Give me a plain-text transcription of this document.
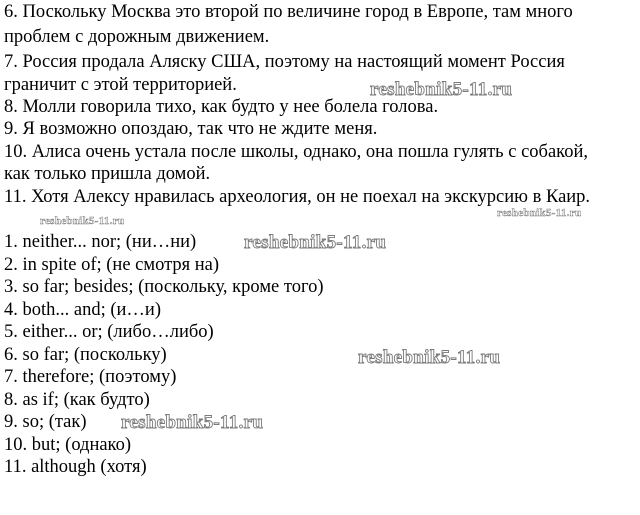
6. Поскольку Москва это второй по величине город в Европе, там много
проблем с дорожным движением.
7. Россия продала Аляску США, поэтому на настоящий момент Россия
граничит с этой территорией.
8. Молли говорила тихо, как будто у нее болела голова.
9. Я возможно опоздаю, так что не ждите меня.
10. Алиса очень устала после школы, однако, она пошла гулять с собакой,
как только пришла домой.
11. Хотя Алексу нравилась археология, он не поехал на экскурсию в Каир.
1. neither... nor; (ни…ни)
2. in spite of; (не смотря на)
3. so far; besides; (поскольку, кроме того)
4. both... and; (и…и)
5. either... or; (либо…либо)
6. so far; (поскольку)
7. therefore; (поэтому)
8. as if; (как будто)
9. so; (так)
10. but; (однако)
11. although (хотя)
reshebnik5-11.ru
reshebnik5-11.ru
reshebnik5-11.ru
reshebnik5-11.ru
reshebnik5-11.ru
reshebnik5-11.ru
